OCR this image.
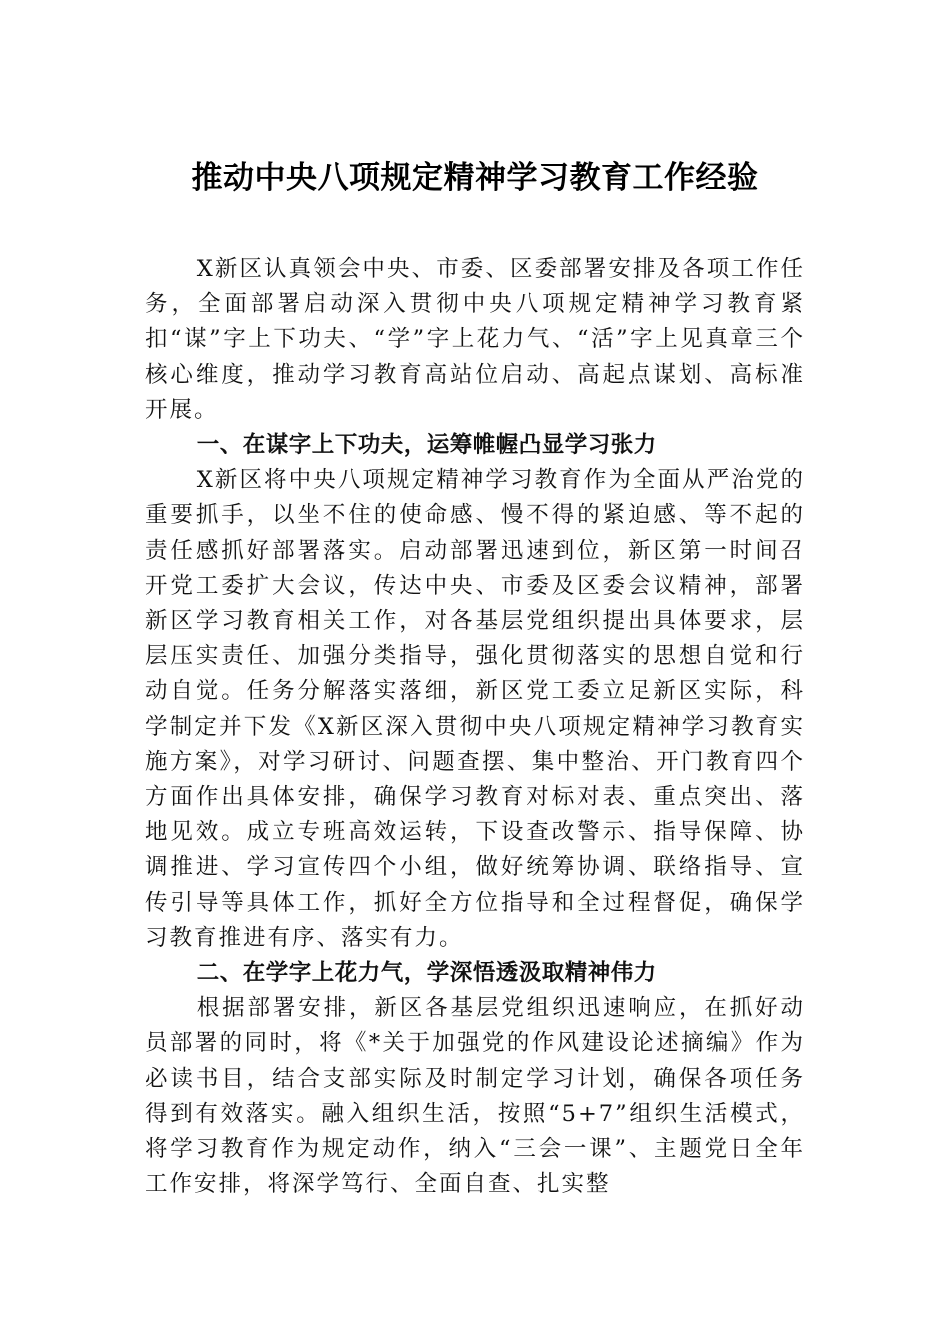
推动中央八项规定精神学习教育工作经验

X新区认真领会中央、市委、区委部署安排及各项工作任务，全面部署启动深入贯彻中央八项规定精神学习教育紧扣“谋”字上下功夫、“学”字上花力气、“活”字上见真章三个核心维度，推动学习教育高站位启动、高起点谋划、高标准开展。

一、在谋字上下功夫，运筹帷幄凸显学习张力

X新区将中央八项规定精神学习教育作为全面从严治党的重要抓手，以坐不住的使命感、慢不得的紧迫感、等不起的责任感抓好部署落实。启动部署迅速到位，新区第一时间召开党工委扩大会议，传达中央、市委及区委会议精神，部署新区学习教育相关工作，对各基层党组织提出具体要求，层层压实责任、加强分类指导，强化贯彻落实的思想自觉和行动自觉。任务分解落实落细，新区党工委立足新区实际，科学制定并下发《X新区深入贯彻中央八项规定精神学习教育实施方案》，对学习研讨、问题查摆、集中整治、开门教育四个方面作出具体安排，确保学习教育对标对表、重点突出、落地见效。成立专班高效运转，下设查改警示、指导保障、协调推进、学习宣传四个小组，做好统筹协调、联络指导、宣传引导等具体工作，抓好全方位指导和全过程督促，确保学习教育推进有序、落实有力。

二、在学字上花力气，学深悟透汲取精神伟力

根据部署安排，新区各基层党组织迅速响应，在抓好动员部署的同时，将《*关于加强党的作风建设论述摘编》作为必读书目，结合支部实际及时制定学习计划，确保各项任务得到有效落实。融入组织生活，按照“5+7”组织生活模式，将学习教育作为规定动作，纳入“三会一课”、主题党日全年工作安排，将深学笃行、全面自查、扎实整
